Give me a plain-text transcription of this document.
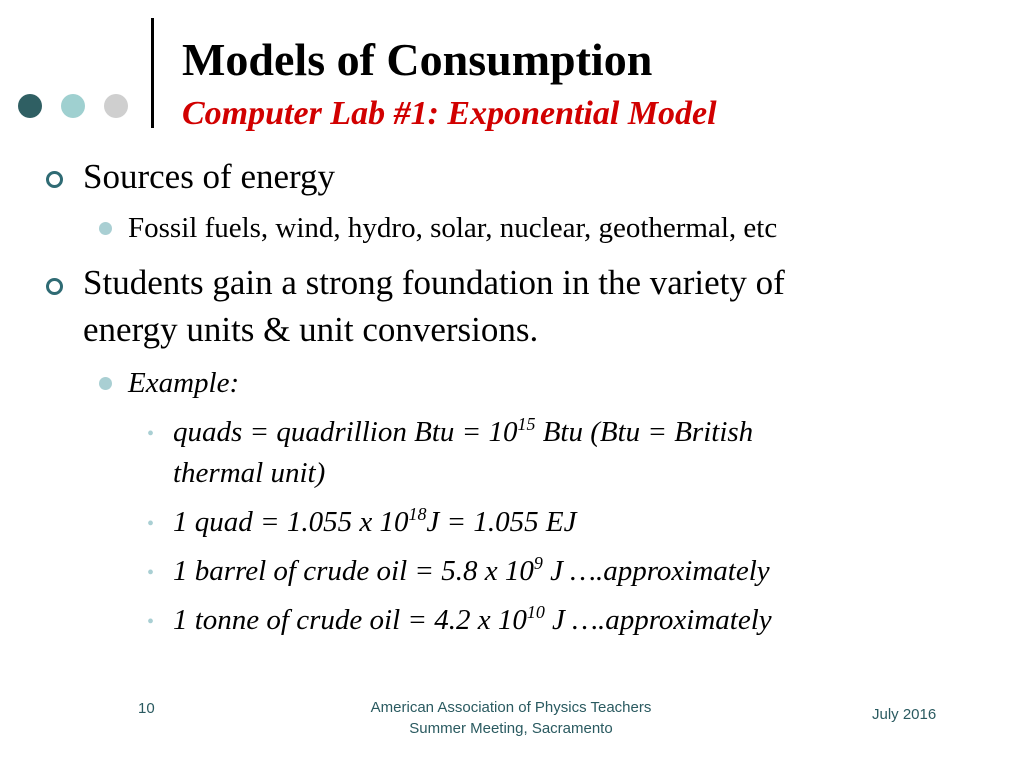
Models of Consumption
Computer Lab #1: Exponential Model
Sources of energy
Fossil fuels, wind, hydro, solar, nuclear, geothermal, etc
Students gain a strong foundation in the variety of
energy units & unit conversions.
Example:
• quads = quadrillion Btu = $10^{15}$ Btu (Btu = British
thermal unit)
• 1 quad = 1.055 x $10^{18}J = 1.055$ EJ
• 1 barrel of crude oil = 5.8 x $10^9$ J ….approximately
• 1 tonne of crude oil = 4.2 x $10^{10}$ J ….approximately
10	American Association of Physics Teachers
Summer Meeting, Sacramento
July 2016
